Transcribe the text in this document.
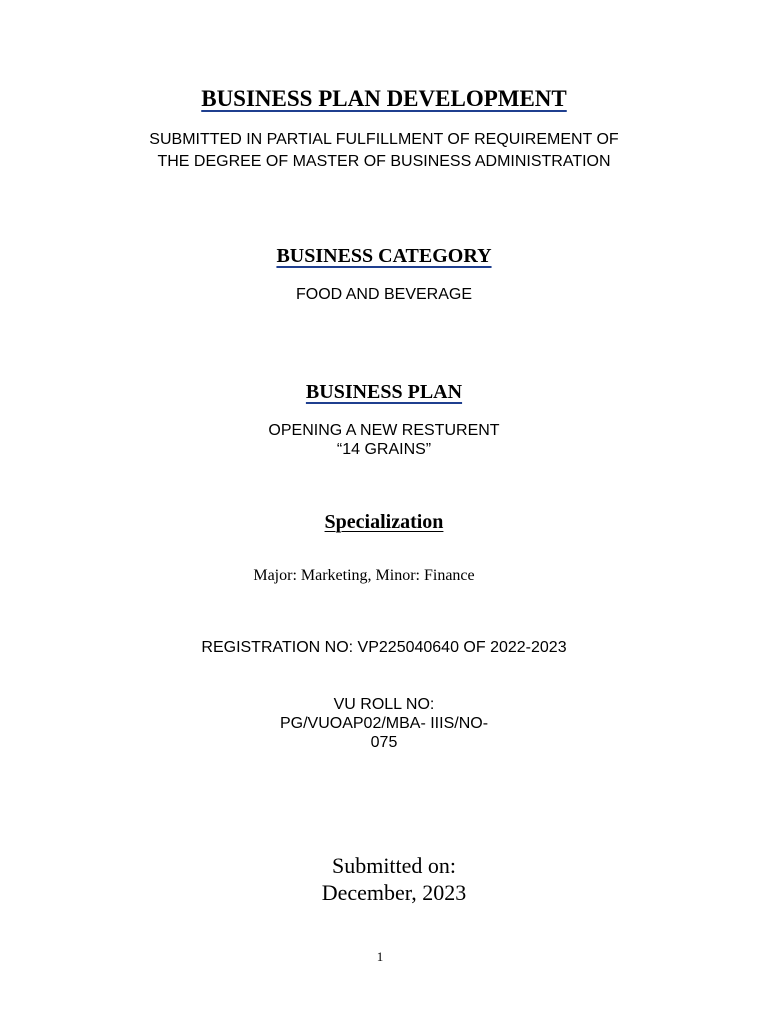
BUSINESS PLAN DEVELOPMENT
SUBMITTED IN PARTIAL FULFILLMENT OF REQUIREMENT OF
THE DEGREE OF MASTER OF BUSINESS ADMINISTRATION
BUSINESS CATEGORY
FOOD AND BEVERAGE
BUSINESS PLAN
OPENING A NEW RESTURENT
“14 GRAINS”
Specialization
Major: Marketing, Minor: Finance
REGISTRATION NO: VP225040640 OF 2022-2023
VU ROLL NO:
PG/VUOAP02/MBA- IIIS/NO-
075
Submitted on:
December, 2023
1
